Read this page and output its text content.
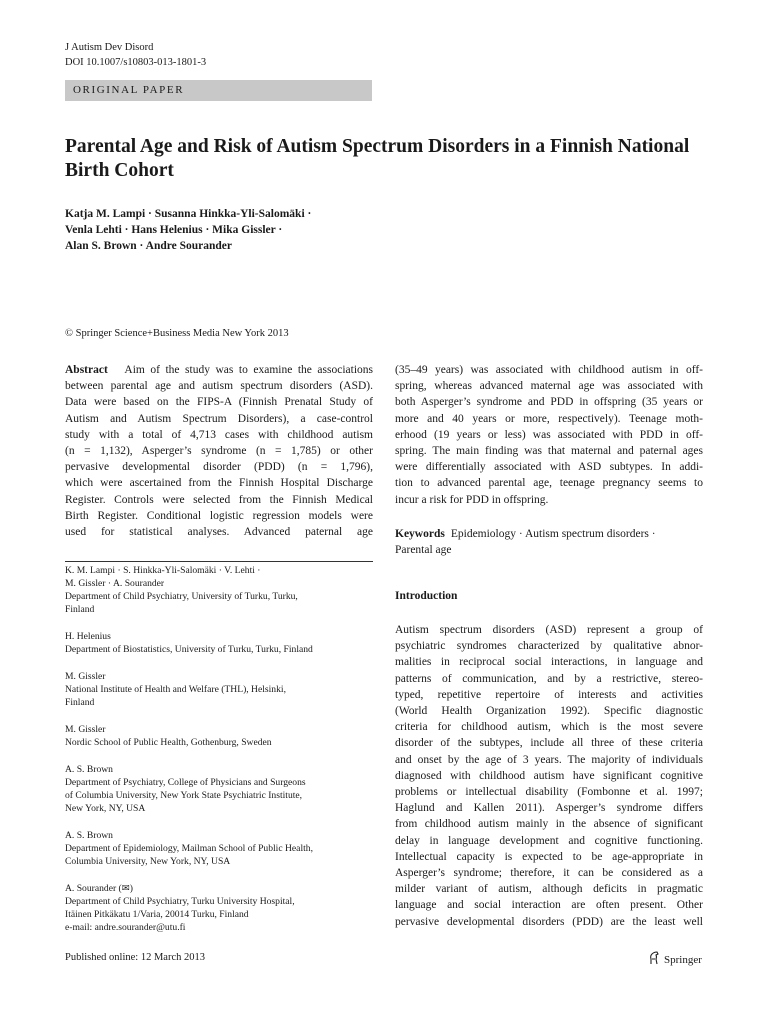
J Autism Dev Disord
DOI 10.1007/s10803-013-1801-3
ORIGINAL PAPER
Parental Age and Risk of Autism Spectrum Disorders in a Finnish National Birth Cohort
Katja M. Lampi · Susanna Hinkka-Yli-Salomäki ·
Venla Lehti · Hans Helenius · Mika Gissler ·
Alan S. Brown · Andre Sourander
© Springer Science+Business Media New York 2013
Abstract Aim of the study was to examine the associations
between parental age and autism spectrum disorders (ASD).
Data were based on the FIPS-A (Finnish Prenatal Study of
Autism and Autism Spectrum Disorders), a case-control
study with a total of 4,713 cases with childhood autism
(n = 1,132), Asperger’s syndrome (n = 1,785) or other
pervasive developmental disorder (PDD) (n = 1,796),
which were ascertained from the Finnish Hospital Discharge
Register. Controls were selected from the Finnish Medical
Birth Register. Conditional logistic regression models were
used for statistical analyses. Advanced paternal age
(35–49 years) was associated with childhood autism in off-
spring, whereas advanced maternal age was associated with
both Asperger’s syndrome and PDD in offspring (35 years or
more and 40 years or more, respectively). Teenage moth-
erhood (19 years or less) was associated with PDD in off-
spring. The main finding was that maternal and paternal ages
were differentially associated with ASD subtypes. In addi-
tion to advanced parental age, teenage pregnancy seems to
incur a risk for PDD in offspring.
Keywords Epidemiology · Autism spectrum disorders ·
Parental age
K. M. Lampi · S. Hinkka-Yli-Salomäki · V. Lehti ·
M. Gissler · A. Sourander
Department of Child Psychiatry, University of Turku, Turku,
Finland
H. Helenius
Department of Biostatistics, University of Turku, Turku, Finland
M. Gissler
National Institute of Health and Welfare (THL), Helsinki,
Finland
M. Gissler
Nordic School of Public Health, Gothenburg, Sweden
A. S. Brown
Department of Psychiatry, College of Physicians and Surgeons
of Columbia University, New York State Psychiatric Institute,
New York, NY, USA
A. S. Brown
Department of Epidemiology, Mailman School of Public Health,
Columbia University, New York, NY, USA
A. Sourander (✉)
Department of Child Psychiatry, Turku University Hospital,
Itäinen Pitkäkatu 1/Varia, 20014 Turku, Finland
e-mail: andre.sourander@utu.fi
Introduction
Autism spectrum disorders (ASD) represent a group of
psychiatric syndromes characterized by qualitative abnor-
malities in reciprocal social interactions, in language and
patterns of communication, and by a restrictive, stereo-
typed, repetitive repertoire of interests and activities
(World Health Organization 1992). Specific diagnostic
criteria for childhood autism, which is the most severe
disorder of the subtypes, include all three of these criteria
and onset by the age of 3 years. The majority of individuals
diagnosed with childhood autism have significant cognitive
problems or intellectual disability (Fombonne et al. 1997;
Haglund and Kallen 2011). Asperger’s syndrome differs
from childhood autism mainly in the absence of significant
delay in language development and cognitive functioning.
Intellectual capacity is expected to be age-appropriate in
Asperger’s syndrome; therefore, it can be considered as a
milder variant of autism, although deficits in pragmatic
language and social interaction are often present. Other
pervasive developmental disorders (PDD) are the least well
Published online: 12 March 2013	Springer
